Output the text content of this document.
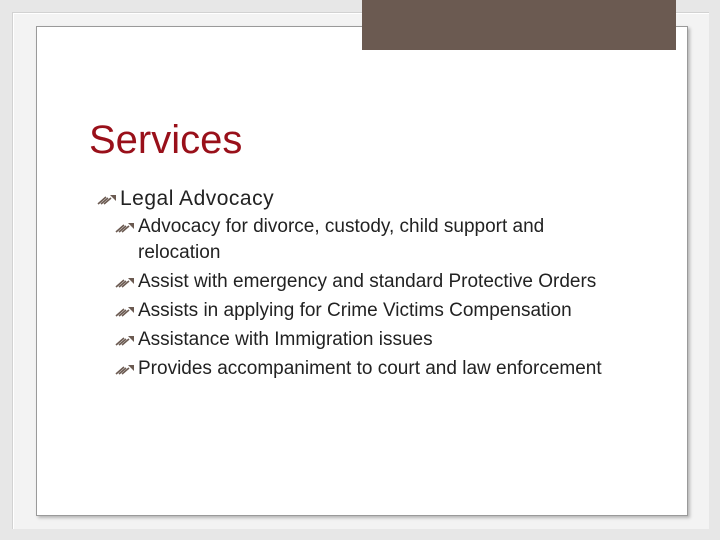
Services
Legal Advocacy
Advocacy for divorce, custody, child support and relocation
Assist with emergency and standard Protective Orders
Assists in applying for Crime Victims Compensation
Assistance with Immigration issues
Provides accompaniment to court and law enforcement
